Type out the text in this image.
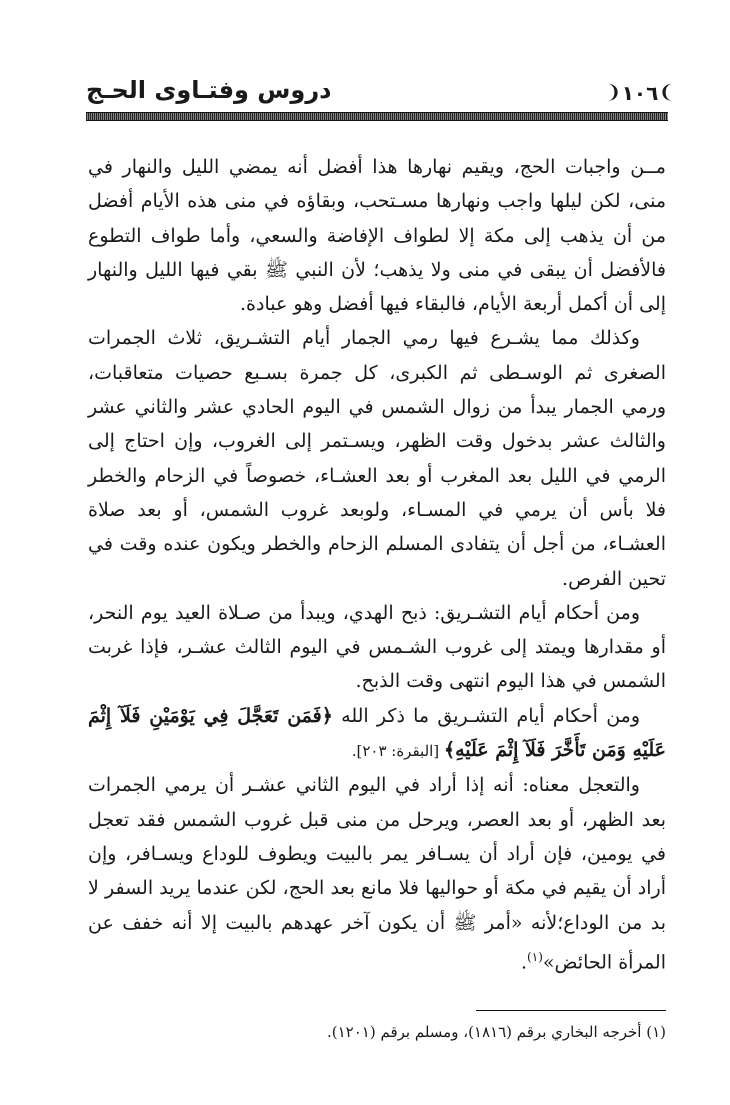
دروس وفتـاوى الحـج	❨ ١٠٦ ❩

مــن واجبات الحج، ويقيم نهارها هذا أفضل أنه يمضي الليل والنهار في منى، لكن ليلها واجب ونهارها مسـتحب، وبقاؤه في منى هذه الأيام أفضل من أن يذهب إلى مكة إلا لطواف الإفاضة والسعي، وأما طواف التطوع فالأفضل أن يبقى في منى ولا يذهب؛ لأن النبي ﷺ بقي فيها الليل والنهار إلى أن أكمل أربعة الأيام، فالبقاء فيها أفضل وهو عبادة.

وكذلك مما يشـرع فيها رمي الجمار أيام التشـريق، ثلاث الجمرات الصغرى ثم الوسـطى ثم الكبرى، كل جمرة بسـبع حصيات متعاقبات، ورمي الجمار يبدأ من زوال الشمس في اليوم الحادي عشر والثاني عشر والثالث عشر بدخول وقت الظهر، ويسـتمر إلى الغروب، وإن احتاج إلى الرمي في الليل بعد المغرب أو بعد العشـاء، خصوصاً في الزحام والخطر فلا بأس أن يرمي في المسـاء، ولوبعد غروب الشمس، أو بعد صلاة العشـاء، من أجل أن يتفادى المسلم الزحام والخطر ويكون عنده وقت في تحين الفرص.

ومن أحكام أيام التشـريق: ذبح الهدي، ويبدأ من صـلاة العيد يوم النحر، أو مقدارها ويمتد إلى غروب الشـمس في اليوم الثالث عشـر، فإذا غربت الشمس في هذا اليوم انتهى وقت الذبح.

ومن أحكام أيام التشـريق ما ذكر الله ﴿فَمَن تَعَجَّلَ فِي يَوْمَيْنِ فَلَآ إِثْمَ عَلَيْهِ وَمَن تَأَخَّرَ فَلَآ إِثْمَ عَلَيْهِ﴾ [البقرة: ٢٠٣].

والتعجل معناه: أنه إذا أراد في اليوم الثاني عشـر أن يرمي الجمرات بعد الظهر، أو بعد العصر، ويرحل من منى قبل غروب الشمس فقد تعجل في يومين، فإن أراد أن يسـافر يمر بالبيت ويطوف للوداع ويسـافر، وإن أراد أن يقيم في مكة أو حواليها فلا مانع بعد الحج، لكن عندما يريد السفر لا بد من الوداع؛لأنه «أمر ﷺ أن يكون آخر عهدهم بالبيت إلا أنه خفف عن المرأة الحائض»$^{(١)}$.

(١) أخرجه البخاري برقم (١٨١٦)، ومسلم برقم (١٢٠١).
